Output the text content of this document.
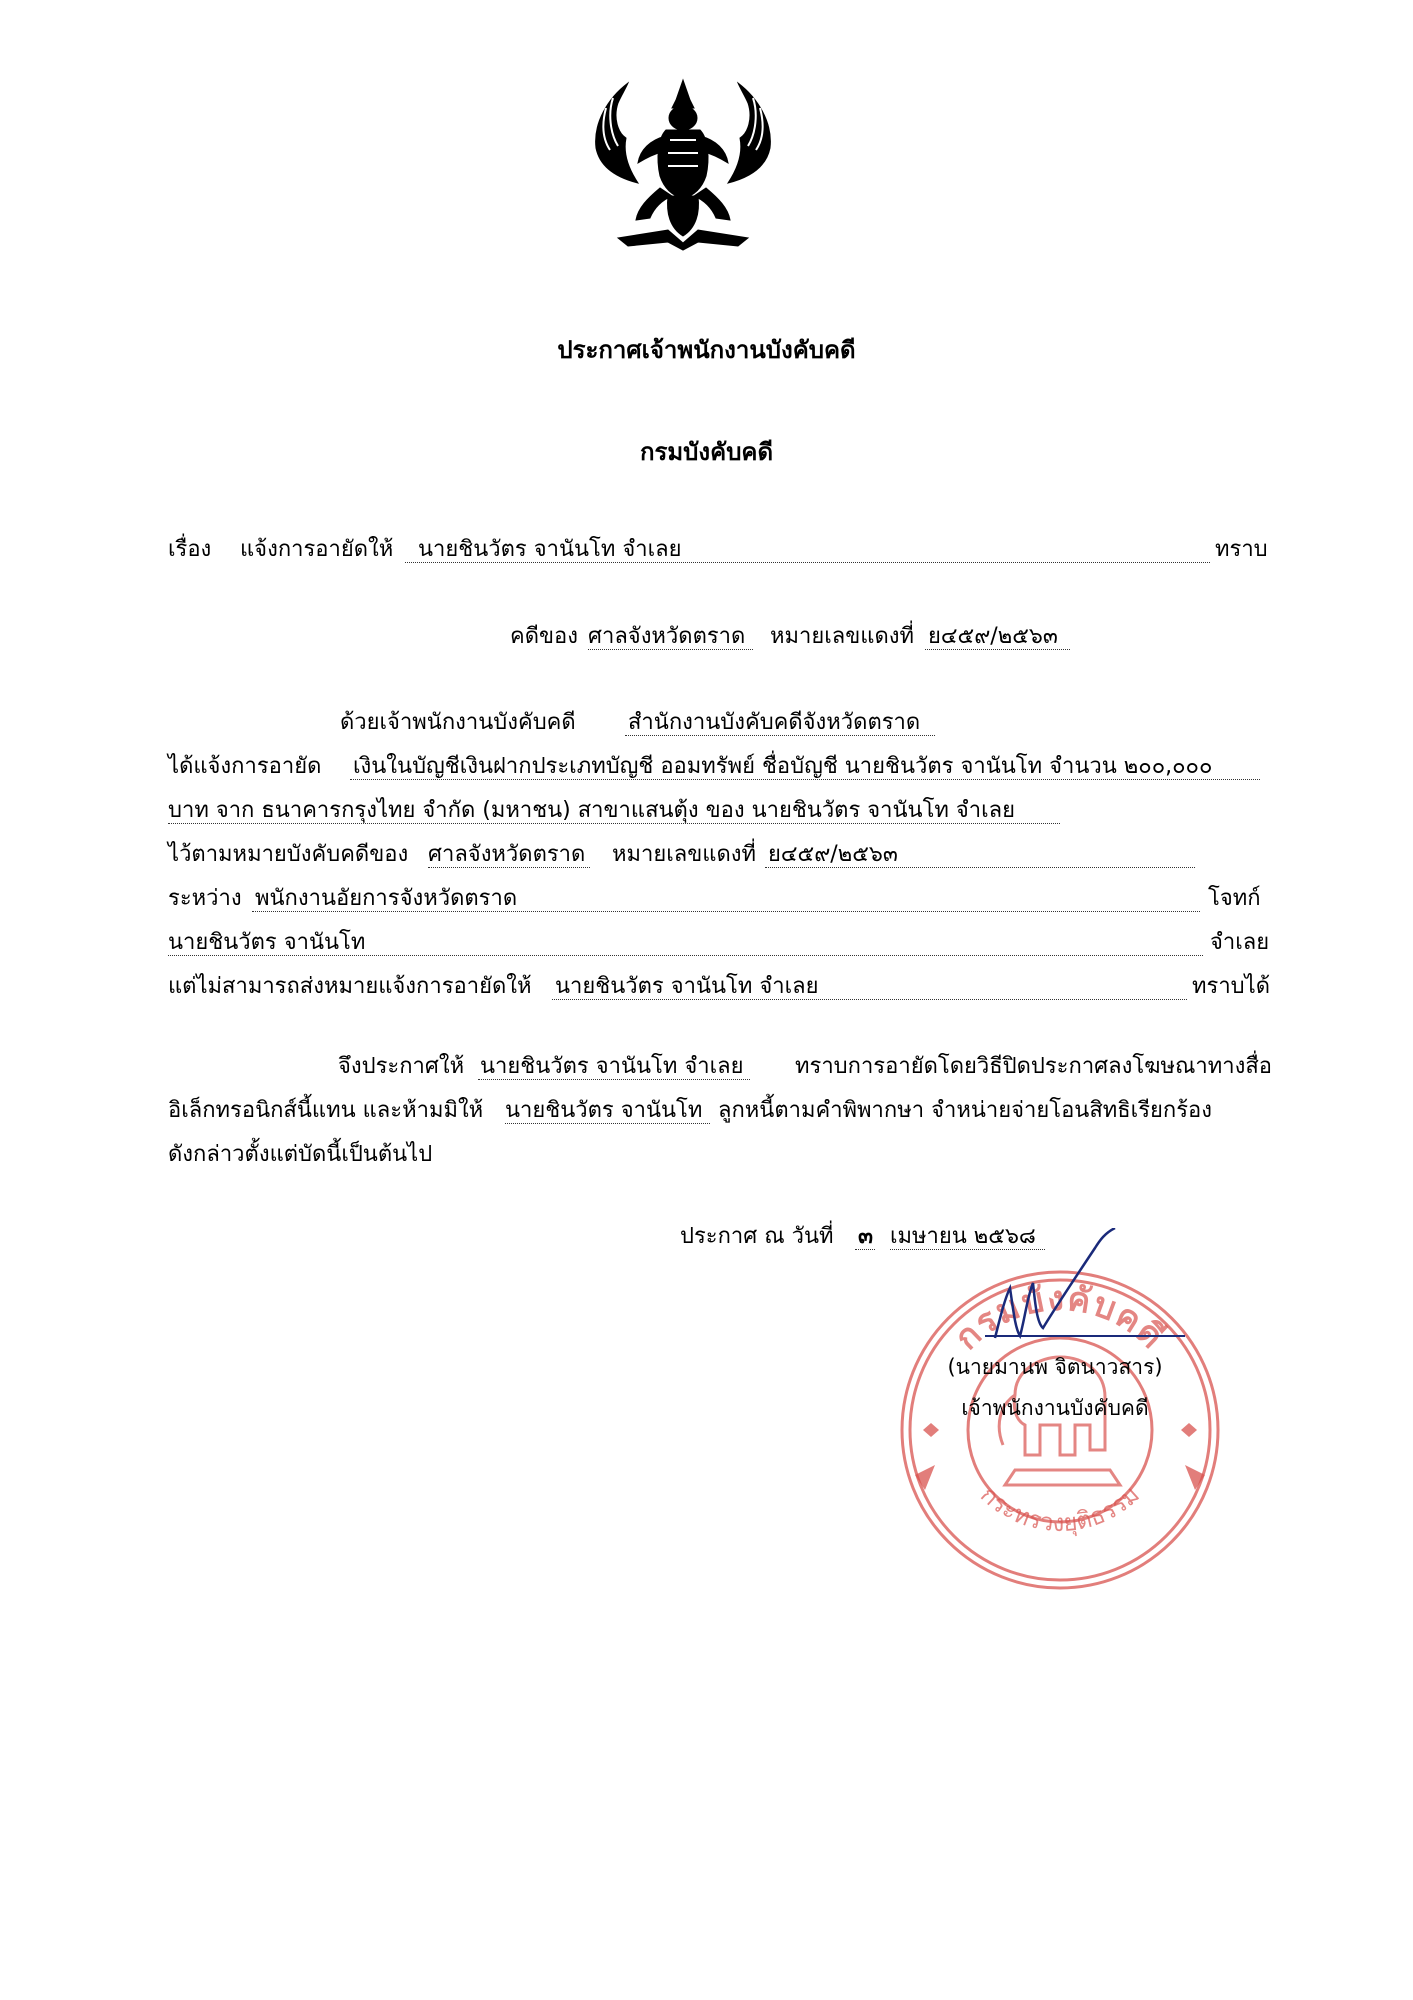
ประกาศเจ้าพนักงานบังคับคดี
กรมบังคับคดี
เรื่อง แจ้งการอายัดให้ นายชินวัตร จานันโท จำเลย	ทราบ
คดีของ ศาลจังหวัดตราด หมายเลขแดงที่ ย๔๕๙/๒๕๖๓
ด้วยเจ้าพนักงานบังคับคดี สำนักงานบังคับคดีจังหวัดตราด
ได้แจ้งการอายัด เงินในบัญชีเงินฝากประเภทบัญชี ออมทรัพย์ ชื่อบัญชี นายชินวัตร จานันโท จำนวน ๒๐๐,๐๐๐
บาท จาก ธนาคารกรุงไทย จำกัด (มหาชน) สาขาแสนตุ้ง ของ นายชินวัตร จานันโท จำเลย
ไว้ตามหมายบังคับคดีของ ศาลจังหวัดตราด หมายเลขแดงที่ ย๔๕๙/๒๕๖๓
ระหว่าง พนักงานอัยการจังหวัดตราด	โจทก์
นายชินวัตร จานันโท	จำเลย
แต่ไม่สามารถส่งหมายแจ้งการอายัดให้ นายชินวัตร จานันโท จำเลย	ทราบได้
จึงประกาศให้ นายชินวัตร จานันโท จำเลย ทราบการอายัดโดยวิธีปิดประกาศลงโฆษณาทางสื่อ
อิเล็กทรอนิกส์นี้แทน และห้ามมิให้ นายชินวัตร จานันโท ลูกหนี้ตามคำพิพากษา จำหน่ายจ่ายโอนสิทธิเรียกร้อง
ดังกล่าวตั้งแต่บัดนี้เป็นต้นไป
ประกาศ ณ วันที่ ๓ เมษายน ๒๕๖๘
กรมบังคับคดี
กระทรวงยุติธรรม
(นายมานพ จิตนาวสาร)
เจ้าพนักงานบังคับคดี
